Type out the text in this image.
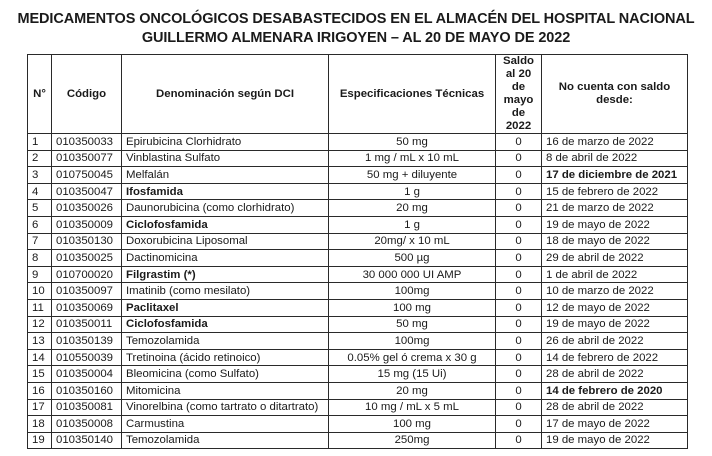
MEDICAMENTOS ONCOLÓGICOS DESABASTECIDOS EN EL ALMACÉN DEL HOSPITAL NACIONAL
GUILLERMO ALMENARA IRIGOYEN – AL 20 DE MAYO DE 2022
N°	Código	Denominación según DCI	Especificaciones Técnicas	Saldo al 20 de mayo de 2022	No cuenta con saldo desde:
1	010350033	Epirubicina Clorhidrato	50 mg	0	16 de marzo de 2022
2	010350077	Vinblastina Sulfato	1 mg / mL x 10 mL	0	8 de abril de 2022
3	010750045	Melfalán	50 mg + diluyente	0	17 de diciembre de 2021
4	010350047	Ifosfamida	1 g	0	15 de febrero de 2022
5	010350026	Daunorubicina (como clorhidrato)	20 mg	0	21 de marzo de 2022
6	010350009	Ciclofosfamida	1 g	0	19 de mayo de 2022
7	010350130	Doxorubicina Liposomal	20mg/ x 10 mL	0	18 de mayo de 2022
8	010350025	Dactinomicina	500 µg	0	29 de abril de 2022
9	010700020	Filgrastim (*)	30 000 000 UI AMP	0	1 de abril de 2022
10	010350097	Imatinib (como mesilato)	100mg	0	10 de marzo de 2022
11	010350069	Paclitaxel	100 mg	0	12 de mayo de 2022
12	010350011	Ciclofosfamida	50 mg	0	19 de mayo de 2022
13	010350139	Temozolamida	100mg	0	26 de abril de 2022
14	010550039	Tretinoina (ácido retinoico)	0.05% gel ó crema x 30 g	0	14 de febrero de 2022
15	010350004	Bleomicina (como Sulfato)	15 mg (15 Ui)	0	28 de abril de 2022
16	010350160	Mitomicina	20 mg	0	14 de febrero de 2020
17	010350081	Vinorelbina (como tartrato o ditartrato)	10 mg / mL x 5 mL	0	28 de abril de 2022
18	010350008	Carmustina	100 mg	0	17 de mayo de 2022
19	010350140	Temozolamida	250mg	0	19 de mayo de 2022
